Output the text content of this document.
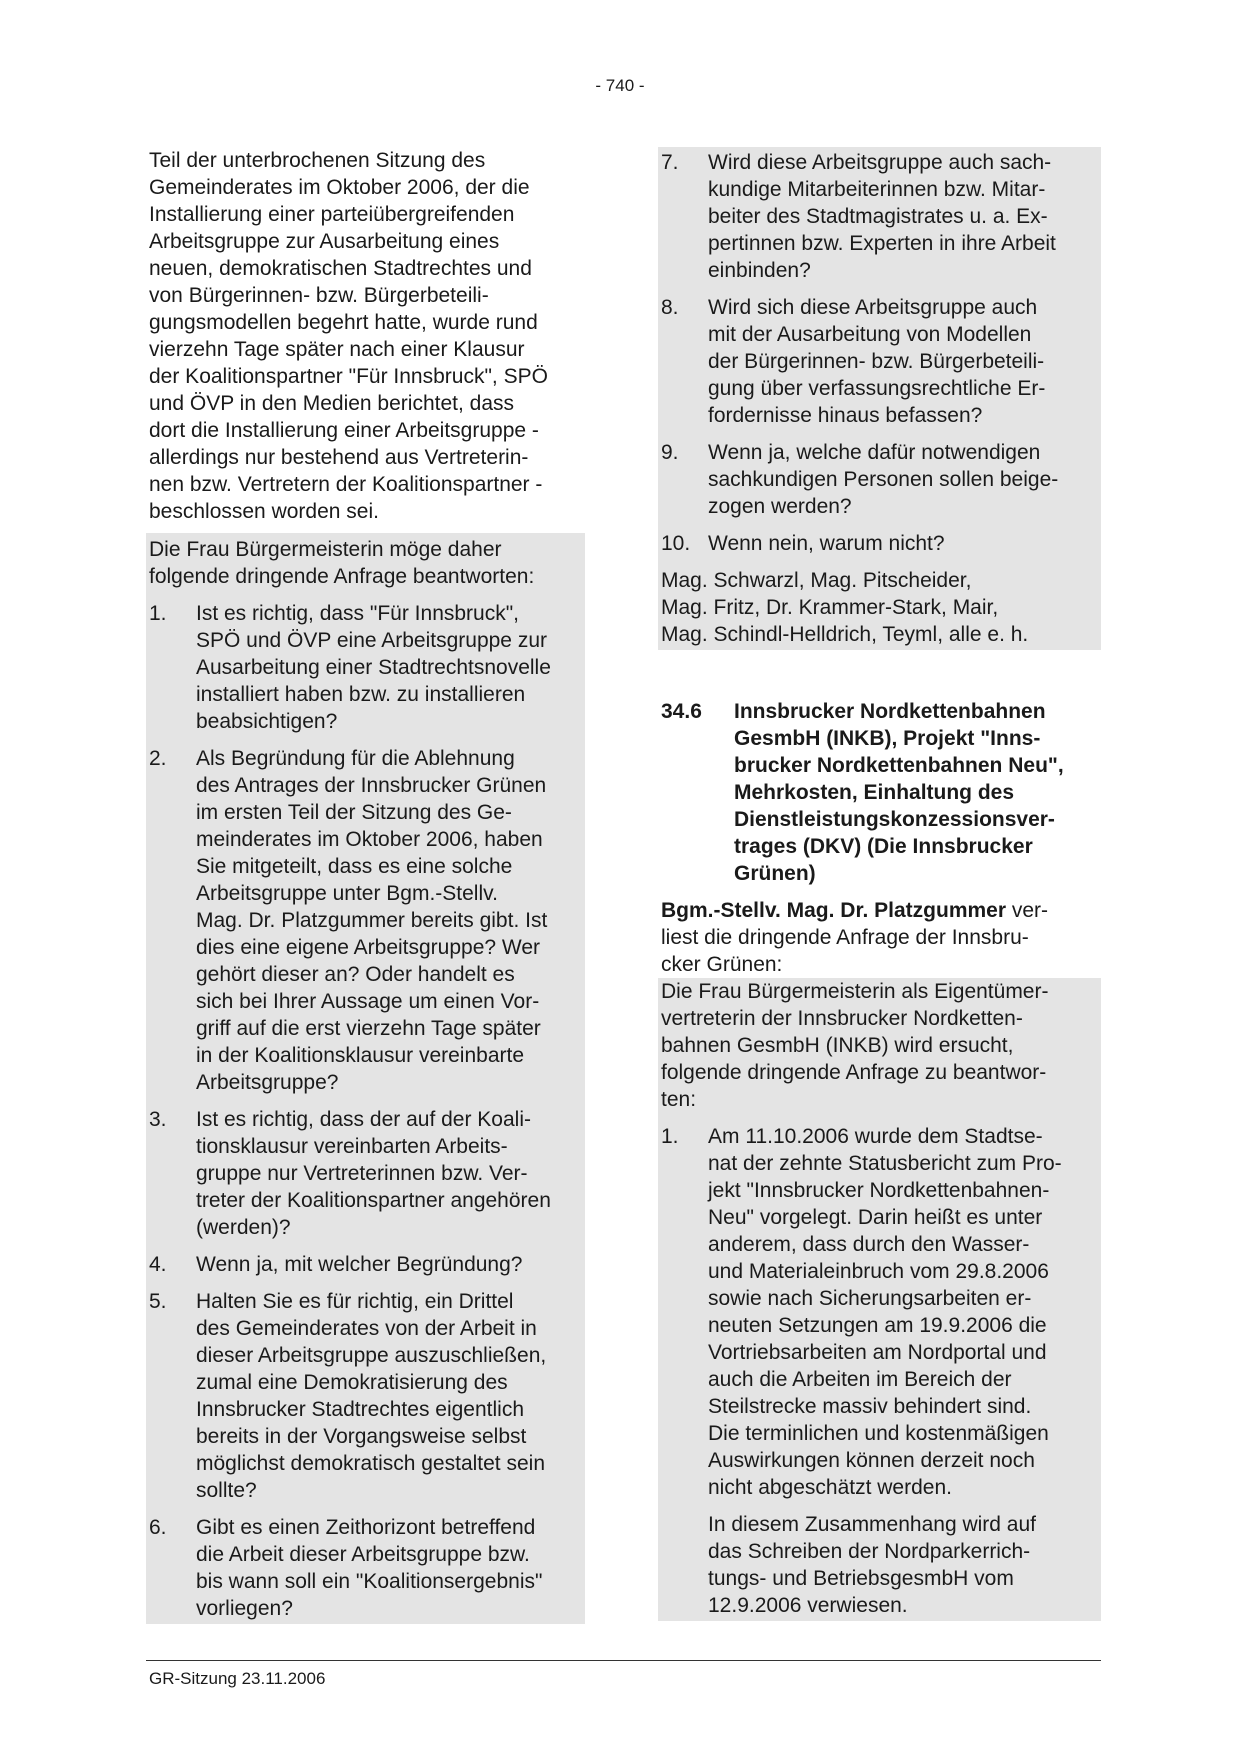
- 740 -

Teil der unterbrochenen Sitzung des
Gemeinderates im Oktober 2006, der die
Installierung einer parteiübergreifenden
Arbeitsgruppe zur Ausarbeitung eines
neuen, demokratischen Stadtrechtes und
von Bürgerinnen- bzw. Bürgerbeteili-
gungsmodellen begehrt hatte, wurde rund
vierzehn Tage später nach einer Klausur
der Koalitionspartner "Für Innsbruck", SPÖ
und ÖVP in den Medien berichtet, dass
dort die Installierung einer Arbeitsgruppe -
allerdings nur bestehend aus Vertreterin-
nen bzw. Vertretern der Koalitionspartner -
beschlossen worden sei.

Die Frau Bürgermeisterin möge daher
folgende dringende Anfrage beantworten:

1.	Ist es richtig, dass "Für Innsbruck",
SPÖ und ÖVP eine Arbeitsgruppe zur
Ausarbeitung einer Stadtrechtsnovelle
installiert haben bzw. zu installieren
beabsichtigen?
2.	Als Begründung für die Ablehnung
des Antrages der Innsbrucker Grünen
im ersten Teil der Sitzung des Ge-
meinderates im Oktober 2006, haben
Sie mitgeteilt, dass es eine solche
Arbeitsgruppe unter Bgm.-Stellv.
Mag. Dr. Platzgummer bereits gibt. Ist
dies eine eigene Arbeitsgruppe? Wer
gehört dieser an? Oder handelt es
sich bei Ihrer Aussage um einen Vor-
griff auf die erst vierzehn Tage später
in der Koalitionsklausur vereinbarte
Arbeitsgruppe?
3.	Ist es richtig, dass der auf der Koali-
tionsklausur vereinbarten Arbeits-
gruppe nur Vertreterinnen bzw. Ver-
treter der Koalitionspartner angehören
(werden)?
4.	Wenn ja, mit welcher Begründung?
5.	Halten Sie es für richtig, ein Drittel
des Gemeinderates von der Arbeit in
dieser Arbeitsgruppe auszuschließen,
zumal eine Demokratisierung des
Innsbrucker Stadtrechtes eigentlich
bereits in der Vorgangsweise selbst
möglichst demokratisch gestaltet sein
sollte?
6.	Gibt es einen Zeithorizont betreffend
die Arbeit dieser Arbeitsgruppe bzw.
bis wann soll ein "Koalitionsergebnis"
vorliegen?
7.	Wird diese Arbeitsgruppe auch sach-
kundige Mitarbeiterinnen bzw. Mitar-
beiter des Stadtmagistrates u. a. Ex-
pertinnen bzw. Experten in ihre Arbeit
einbinden?
8.	Wird sich diese Arbeitsgruppe auch
mit der Ausarbeitung von Modellen
der Bürgerinnen- bzw. Bürgerbeteili-
gung über verfassungsrechtliche Er-
fordernisse hinaus befassen?
9.	Wenn ja, welche dafür notwendigen
sachkundigen Personen sollen beige-
zogen werden?
10. Wenn nein, warum nicht?

Mag. Schwarzl, Mag. Pitscheider,
Mag. Fritz, Dr. Krammer-Stark, Mair,
Mag. Schindl-Helldrich, Teyml, alle e. h.

34.6	Innsbrucker Nordkettenbahnen
GesmbH (INKB), Projekt "Inns-
brucker Nordkettenbahnen Neu",
Mehrkosten, Einhaltung des
Dienstleistungskonzessionsver-
trages (DKV) (Die Innsbrucker
Grünen)

Bgm.-Stellv. Mag. Dr. Platzgummer ver-
liest die dringende Anfrage der Innsbru-
cker Grünen:

Die Frau Bürgermeisterin als Eigentümer-
vertreterin der Innsbrucker Nordketten-
bahnen GesmbH (INKB) wird ersucht,
folgende dringende Anfrage zu beantwor-
ten:

1.	Am 11.10.2006 wurde dem Stadtse-
nat der zehnte Statusbericht zum Pro-
jekt "Innsbrucker Nordkettenbahnen-
Neu" vorgelegt. Darin heißt es unter
anderem, dass durch den Wasser-
und Materialeinbruch vom 29.8.2006
sowie nach Sicherungsarbeiten er-
neuten Setzungen am 19.9.2006 die
Vortriebsarbeiten am Nordportal und
auch die Arbeiten im Bereich der
Steilstrecke massiv behindert sind.
Die terminlichen und kostenmäßigen
Auswirkungen können derzeit noch
nicht abgeschätzt werden.
In diesem Zusammenhang wird auf
das Schreiben der Nordparkerrich-
tungs- und BetriebsgesmbH vom
12.9.2006 verwiesen.
GR-Sitzung 23.11.2006
